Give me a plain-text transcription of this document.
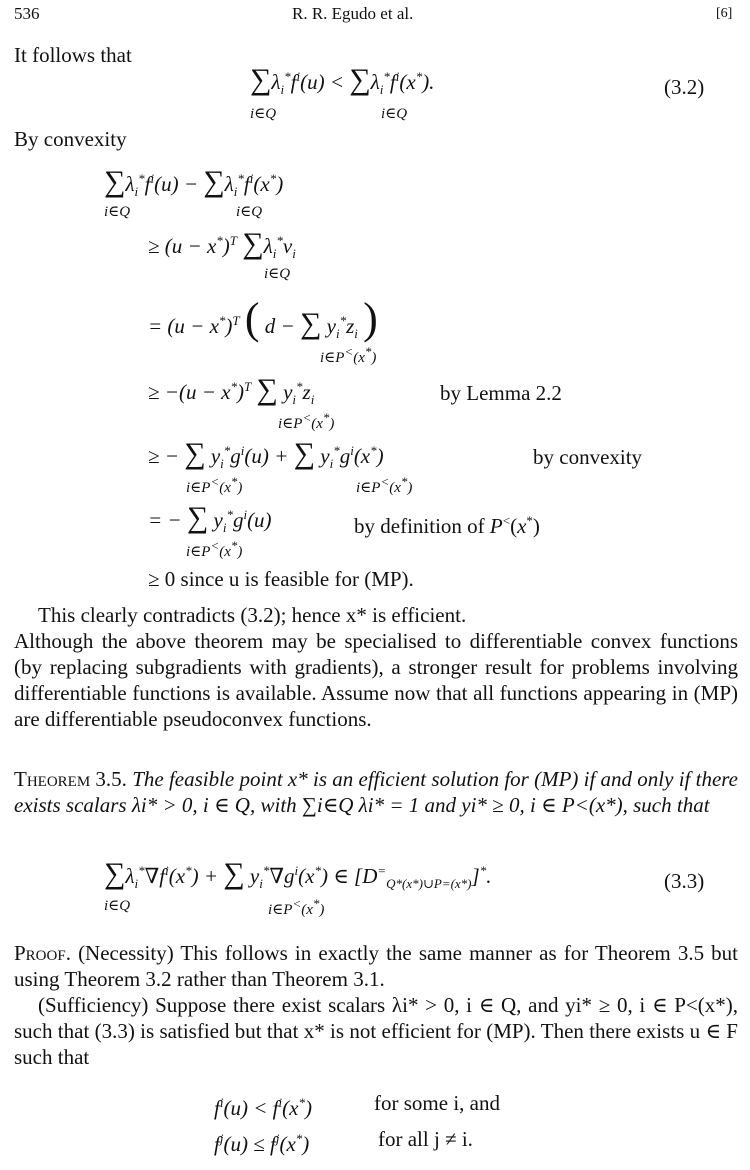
536	R. R. Egudo et al.	[6]
It follows that
$\sum\lambda_i^*f^i(u) < \sum\lambda_i^*f^i(x^*)$.
i∈Q	i∈Q
(3.2)
By convexity
$\sum\lambda_i^*f^i(u) - \sum\lambda_i^*f^i(x^*)$
i∈Q	i∈Q
≥ $(u - x^*)^T$ $\sum\lambda_i^*v_i$
i∈Q
= $(u - x^*)^T$ ( d − ∑ $y_i^*z_i$ )
i∈P<(x*)
≥ $-(u - x^*)^T$ ∑ $y_i^*z_i$	by Lemma 2.2
i∈P<(x*)
≥ − ∑ $y_i^*g^i(u)$ + ∑ $y_i^*g^i(x^*)$	by convexity
i∈P<(x*)	i∈P<(x*)
= − ∑ $y_i^*g^i(u)$	by definition of P<(x*)
i∈P<(x*)
≥ 0 since u is feasible for (MP).
This clearly contradicts (3.2); hence x* is efficient.
Although the above theorem may be specialised to differentiable convex functions (by replacing subgradients with gradients), a stronger result for problems involving differentiable functions is available. Assume now that all functions appearing in (MP) are differentiable pseudoconvex functions.
Theorem 3.5. The feasible point x* is an efficient solution for (MP) if and only if there exists scalars λi* > 0, i ∈ Q, with ∑i∈Q λi* = 1 and yi* ≥ 0, i ∈ P<(x*), such that
$\sum\lambda_i^*\nabla f^i(x^*)$ + ∑ $y_i^*\nabla g^i(x^*)$ ∈ $[D^=_{Q*(x*)\cup P=(x*)}]^*$.
i∈Q	i∈P<(x*)
(3.3)
Proof. (Necessity) This follows in exactly the same manner as for Theorem 3.5 but using Theorem 3.2 rather than Theorem 3.1.
(Sufficiency) Suppose there exist scalars λi* > 0, i ∈ Q, and yi* ≥ 0, i ∈ P<(x*), such that (3.3) is satisfied but that x* is not efficient for (MP). Then there exists u ∈ F such that
$f^i(u) < f^i(x^*)$	for some i, and
$f^j(u) \le f^j(x^*)$	for all j ≠ i.
